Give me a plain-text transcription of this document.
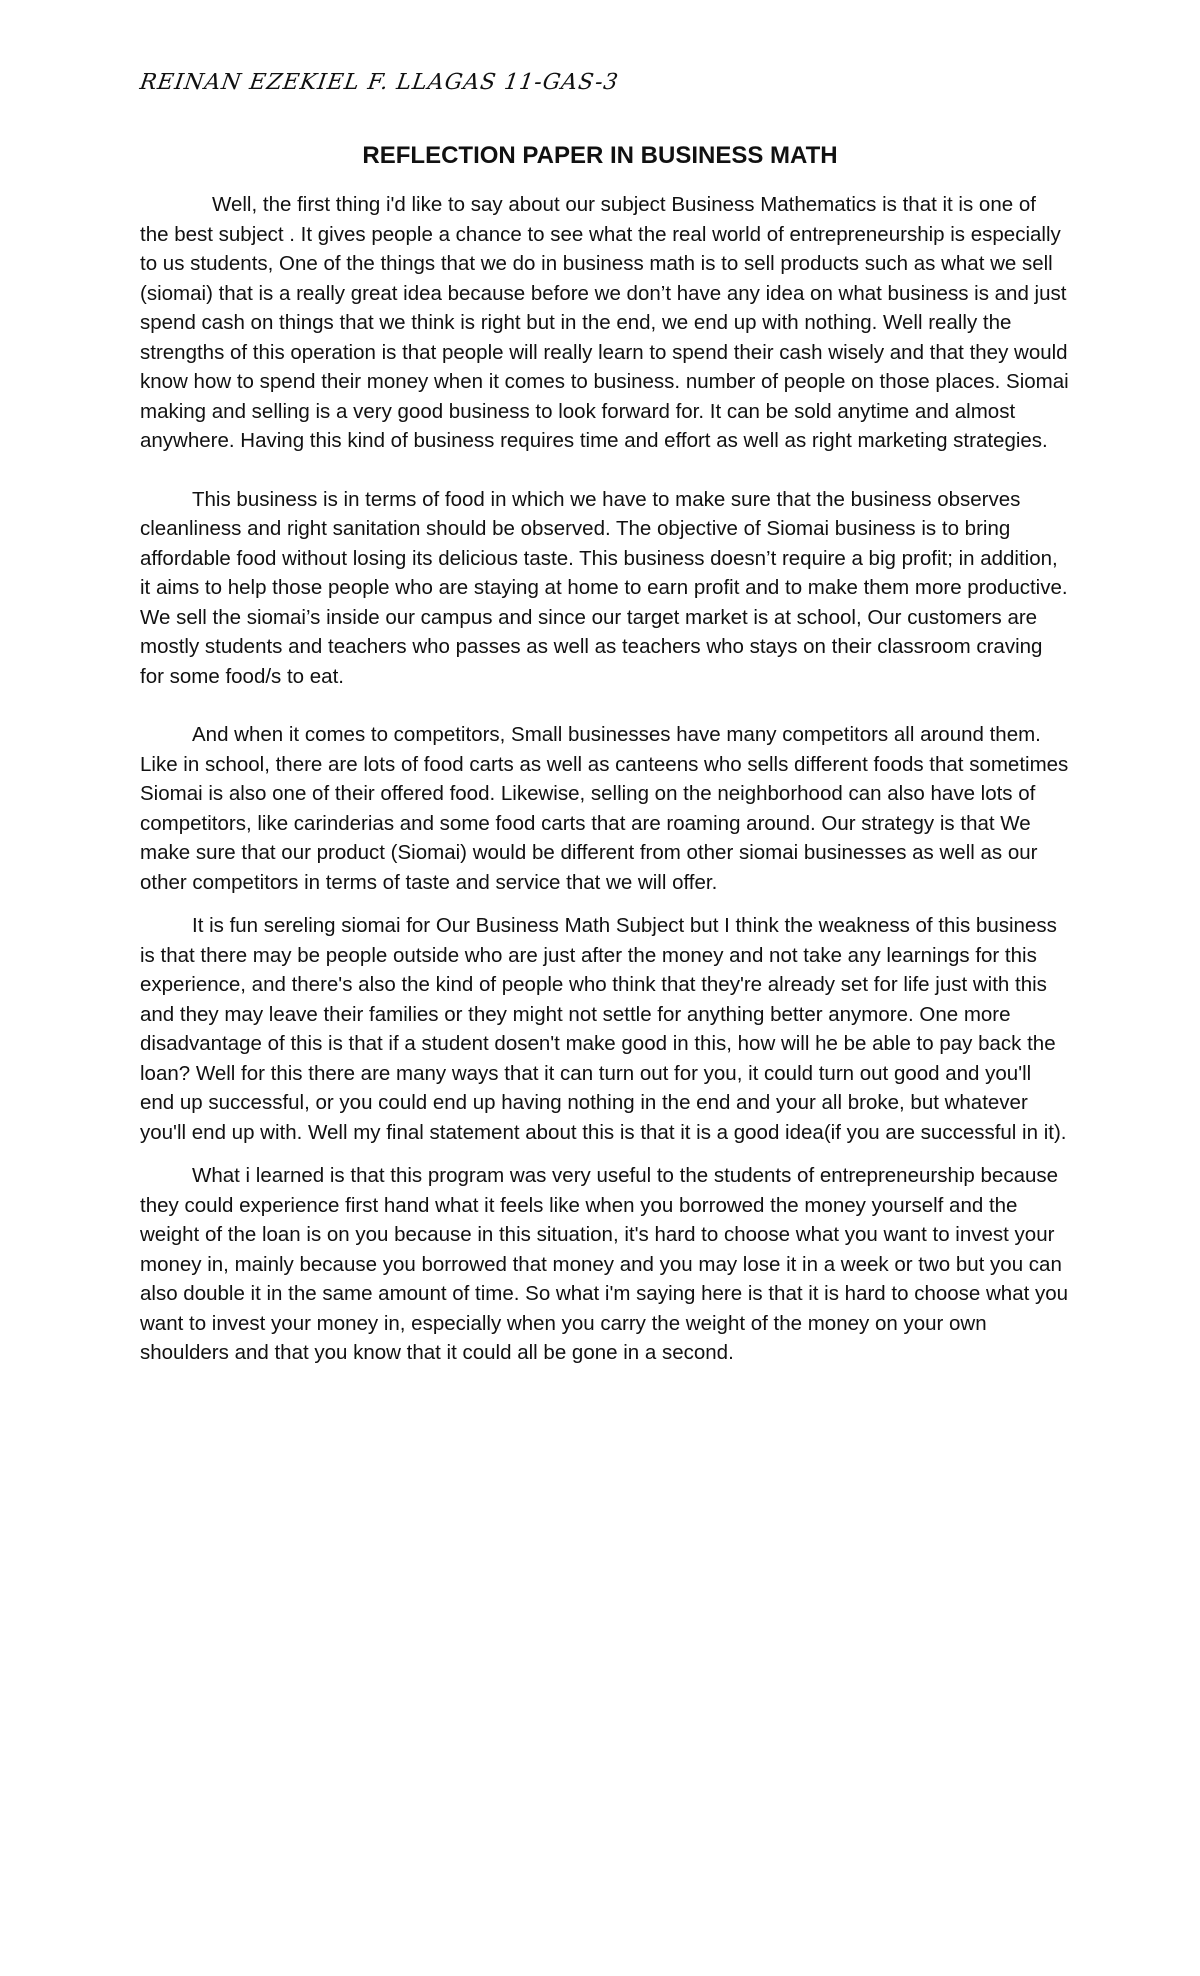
REINAN EZEKIEL F. LLAGAS 11-GAS-3
REFLECTION PAPER IN BUSINESS MATH

Well, the first thing i'd like to say about our subject Business Mathematics is that it is one of the best subject . It gives people a chance to see what the real world of entrepreneurship is especially to us students, One of the things that we do in business math is to sell products such as what we sell (siomai) that is a really great idea because before we don’t have any idea on what business is and just spend cash on things that we think is right but in the end, we end up with nothing. Well really the strengths of this operation is that people will really learn to spend their cash wisely and that they would know how to spend their money when it comes to business. number of people on those places. Siomai making and selling is a very good business to look forward for. It can be sold anytime and almost anywhere. Having this kind of business requires time and effort as well as right marketing strategies.

This business is in terms of food in which we have to make sure that the business observes cleanliness and right sanitation should be observed. The objective of Siomai business is to bring affordable food without losing its delicious taste. This business doesn’t require a big profit; in addition, it aims to help those people who are staying at home to earn profit and to make them more productive. We sell the siomai’s inside our campus and since our target market is at school, Our customers are mostly students and teachers who passes as well as teachers who stays on their classroom craving for some food/s to eat.

And when it comes to competitors, Small businesses have many competitors all around them. Like in school, there are lots of food carts as well as canteens who sells different foods that sometimes Siomai is also one of their offered food. Likewise, selling on the neighborhood can also have lots of competitors, like carinderias and some food carts that are roaming around. Our strategy is that We make sure that our product (Siomai) would be different from other siomai businesses as well as our other competitors in terms of taste and service that we will offer.

It is fun sereling siomai for Our Business Math Subject but I think the weakness of this business is that there may be people outside who are just after the money and not take any learnings for this experience, and there's also the kind of people who think that they're already set for life just with this and they may leave their families or they might not settle for anything better anymore. One more disadvantage of this is that if a student dosen't make good in this, how will he be able to pay back the loan? Well for this there are many ways that it can turn out for you, it could turn out good and you'll end up successful, or you could end up having nothing in the end and your all broke, but whatever you'll end up with. Well my final statement about this is that it is a good idea(if you are successful in it).

What i learned is that this program was very useful to the students of entrepreneurship because they could experience first hand what it feels like when you borrowed the money yourself and the weight of the loan is on you because in this situation, it's hard to choose what you want to invest your money in, mainly because you borrowed that money and you may lose it in a week or two but you can also double it in the same amount of time. So what i'm saying here is that it is hard to choose what you want to invest your money in, especially when you carry the weight of the money on your own shoulders and that you know that it could all be gone in a second.
